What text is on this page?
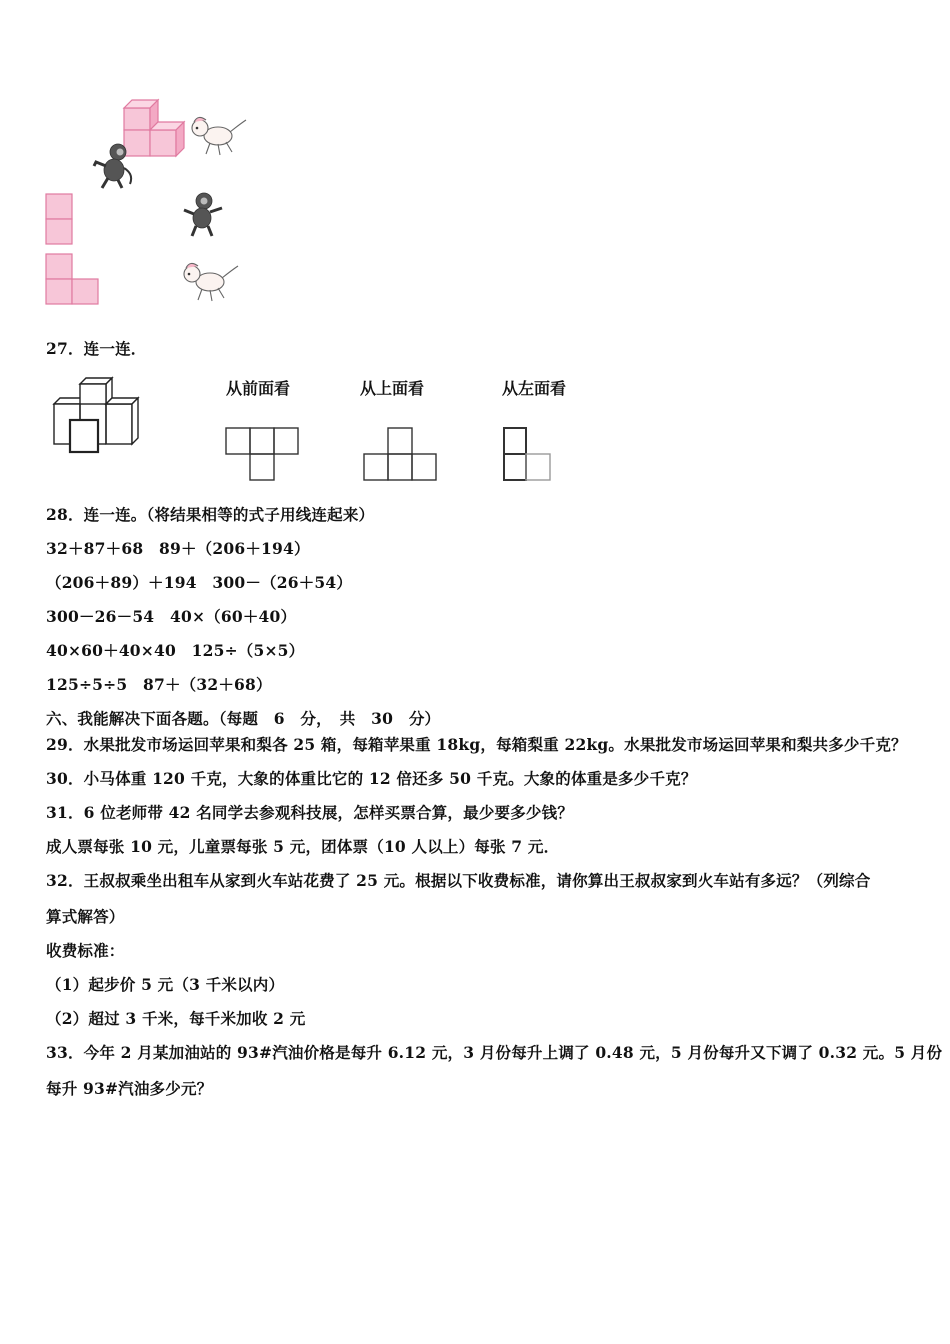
27．连一连．
从前面看	从上面看	从左面看
28．连一连。（将结果相等的式子用线连起来）
32＋87＋68　89＋（206＋194）
（206＋89）＋194　300－（26＋54）
300－26－54　40×（60＋40）
40×60＋40×40　125÷（5×5）
125÷5÷5　87＋（32＋68）
六、我能解决下面各题。（每题　6　分，　共　30　分）
29．水果批发市场运回苹果和梨各 25 箱，每箱苹果重 18kg，每箱梨重 22kg。水果批发市场运回苹果和梨共多少千克？
30．小马体重 120 千克，大象的体重比它的 12 倍还多 50 千克。大象的体重是多少千克？
31．6 位老师带 42 名同学去参观科技展，怎样买票合算，最少要多少钱？
成人票每张 10 元，儿童票每张 5 元，团体票（10 人以上）每张 7 元．
32．王叔叔乘坐出租车从家到火车站花费了 25 元。根据以下收费标准，请你算出王叔叔家到火车站有多远？（列综合
算式解答）
收费标准：
（1）起步价 5 元（3 千米以内）
（2）超过 3 千米，每千米加收 2 元
33．今年 2 月某加油站的 93#汽油价格是每升 6.12 元，3 月份每升上调了 0.48 元，5 月份每升又下调了 0.32 元。5 月份
每升 93#汽油多少元？
